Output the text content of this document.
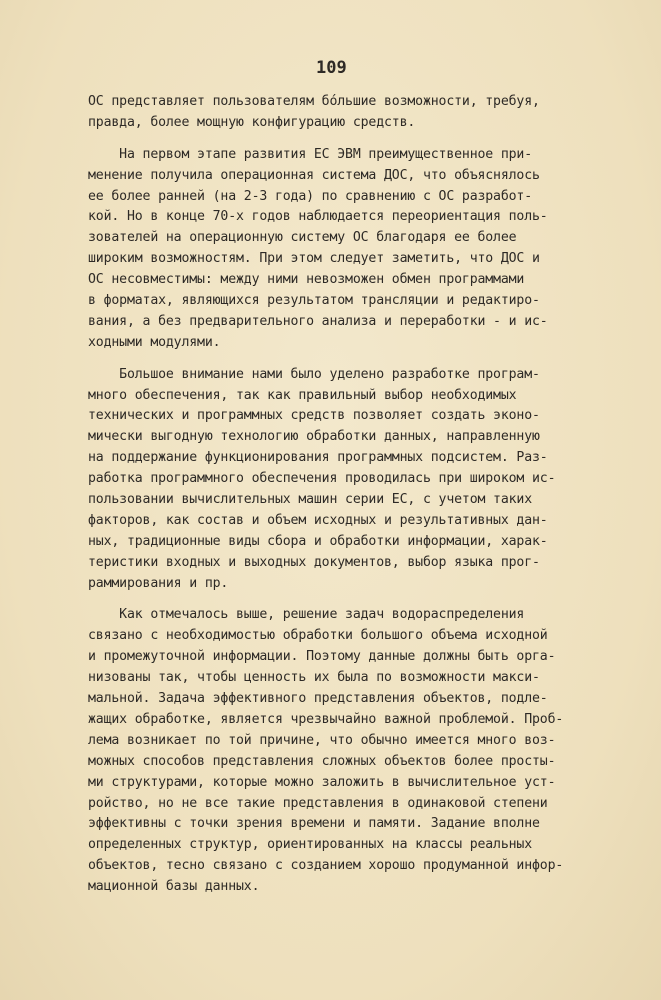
109
ОС представляет пользователям бо́льшие возможности, требуя,
правда, более мощную конфигурацию средств.
На первом этапе развития ЕС ЭВМ преимущественное при-
менение получила операционная система ДОС, что объяснялось
ее более ранней (на 2-3 года) по сравнению с ОС разработ-
кой. Но в конце 70-х годов наблюдается переориентация поль-
зователей на операционную систему ОС благодаря ее более
широким возможностям. При этом следует заметить, что ДОС и
ОС несовместимы: между ними невозможен обмен программами
в форматах, являющихся результатом трансляции и редактиро-
вания, а без предварительного анализа и переработки - и ис-
ходными модулями.
Большое внимание нами было уделено разработке програм-
много обеспечения, так как правильный выбор необходимых
технических и программных средств позволяет создать эконо-
мически выгодную технологию обработки данных, направленную
на поддержание функционирования программных подсистем. Раз-
работка программного обеспечения проводилась при широком ис-
пользовании вычислительных машин серии ЕС, с учетом таких
факторов, как состав и объем исходных и результативных дан-
ных, традиционные виды сбора и обработки информации, харак-
теристики входных и выходных документов, выбор языка прог-
раммирования и пр.
Как отмечалось выше, решение задач водораспределения
связано с необходимостью обработки большого объема исходной
и промежуточной информации. Поэтому данные должны быть орга-
низованы так, чтобы ценность их была по возможности макси-
мальной. Задача эффективного представления объектов, подле-
жащих обработке, является чрезвычайно важной проблемой. Проб-
лема возникает по той причине, что обычно имеется много воз-
можных способов представления сложных объектов более просты-
ми структурами, которые можно заложить в вычислительное уст-
ройство, но не все такие представления в одинаковой степени
эффективны с точки зрения времени и памяти. Задание вполне
определенных структур, ориентированных на классы реальных
объектов, тесно связано с созданием хорошо продуманной инфор-
мационной базы данных.
